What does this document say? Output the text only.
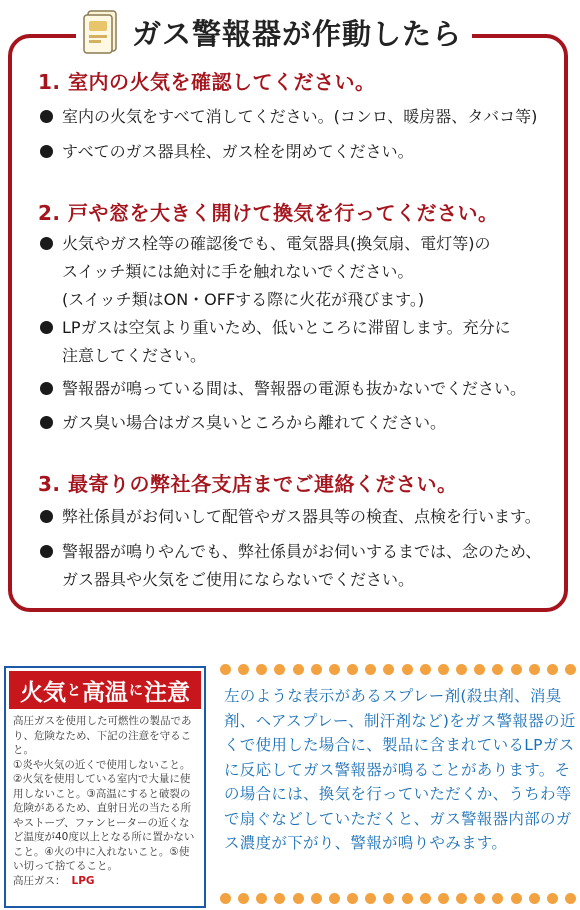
ガス警報器が作動したら
1. 室内の火気を確認してください。
室内の火気をすべて消してください。(コンロ、暖房器、タバコ等)
すべてのガス器具栓、ガス栓を閉めてください。
2. 戸や窓を大きく開けて換気を行ってください。
火気やガス栓等の確認後でも、電気器具(換気扇、電灯等)の
スイッチ類には絶対に手を触れないでください。
(スイッチ類はON・OFFする際に火花が飛びます。)
LPガスは空気より重いため、低いところに滞留します。充分に
注意してください。
警報器が鳴っている間は、警報器の電源も抜かないでください。
ガス臭い場合はガス臭いところから離れてください。
3. 最寄りの弊社各支店までご連絡ください。
弊社係員がお伺いして配管やガス器具等の検査、点検を行います。
警報器が鳴りやんでも、弊社係員がお伺いするまでは、念のため、
ガス器具や火気をご使用にならないでください。
火気 と 高温 に 注意

高圧ガスを使用した可燃性の製品であり、危険なため、下記の注意を守ること。

①炎や火気の近くで使用しないこと。②火気を使用している室内で大量に使用しないこと。③高温にすると破裂の危険があるため、直射日光の当たる所やストーブ、ファンヒーターの近くなど温度が40度以上となる所に置かないこと。④火の中に入れないこと。⑤使い切って捨てること。

高圧ガス： LPG

左のような表示があるスプレー剤(殺虫剤、消臭剤、ヘアスプレー、制汗剤など)をガス警報器の近くで使用した場合に、製品に含まれているLPガスに反応してガス警報器が鳴ることがあります。その場合には、換気を行っていただくか、うちわ等で扇ぐなどしていただくと、ガス警報器内部のガス濃度が下がり、警報が鳴りやみます。
